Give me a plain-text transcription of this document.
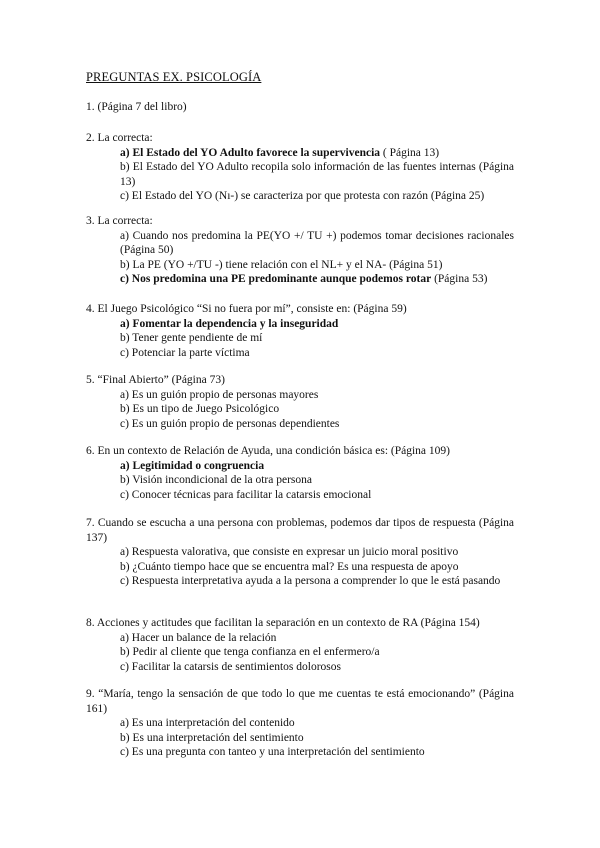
PREGUNTAS EX. PSICOLOGÍA

1. (Página 7 del libro)

2. La correcta:

a) El Estado del YO Adulto favorece la supervivencia ( Página 13)

b) El Estado del YO Adulto recopila solo información de las fuentes internas (Página 13)

c) El Estado del YO (Nı-) se caracteriza por que protesta con razón (Página 25)

3. La correcta:

a) Cuando nos predomina la PE(YO +/ TU +) podemos tomar decisiones racionales (Página 50)

b) La PE (YO +/TU -) tiene relación con el NL+ y el NA- (Página 51)

c) Nos predomina una PE predominante aunque podemos rotar (Página 53)

4. El Juego Psicológico “Si no fuera por mí”, consiste en: (Página 59)

a) Fomentar la dependencia y la inseguridad

b) Tener gente pendiente de mí

c) Potenciar la parte víctima

5. “Final Abierto” (Página 73)

a) Es un guión propio de personas mayores

b) Es un tipo de Juego Psicológico

c) Es un guión propio de personas dependientes

6. En un contexto de Relación de Ayuda, una condición básica es: (Página 109)

a) Legitimidad o congruencia

b) Visión incondicional de la otra persona

c) Conocer técnicas para facilitar la catarsis emocional

7. Cuando se escucha a una persona con problemas, podemos dar tipos de respuesta (Página 137)

a) Respuesta valorativa, que consiste en expresar un juicio moral positivo

b) ¿Cuánto tiempo hace que se encuentra mal? Es una respuesta de apoyo

c) Respuesta interpretativa ayuda a la persona a comprender lo que le está pasando

8. Acciones y actitudes que facilitan la separación en un contexto de RA (Página 154)

a) Hacer un balance de la relación

b) Pedir al cliente que tenga confianza en el enfermero/a

c) Facilitar la catarsis de sentimientos dolorosos

9. “María, tengo la sensación de que todo lo que me cuentas te está emocionando” (Página 161)

a) Es una interpretación del contenido

b) Es una interpretación del sentimiento

c) Es una pregunta con tanteo y una interpretación del sentimiento
